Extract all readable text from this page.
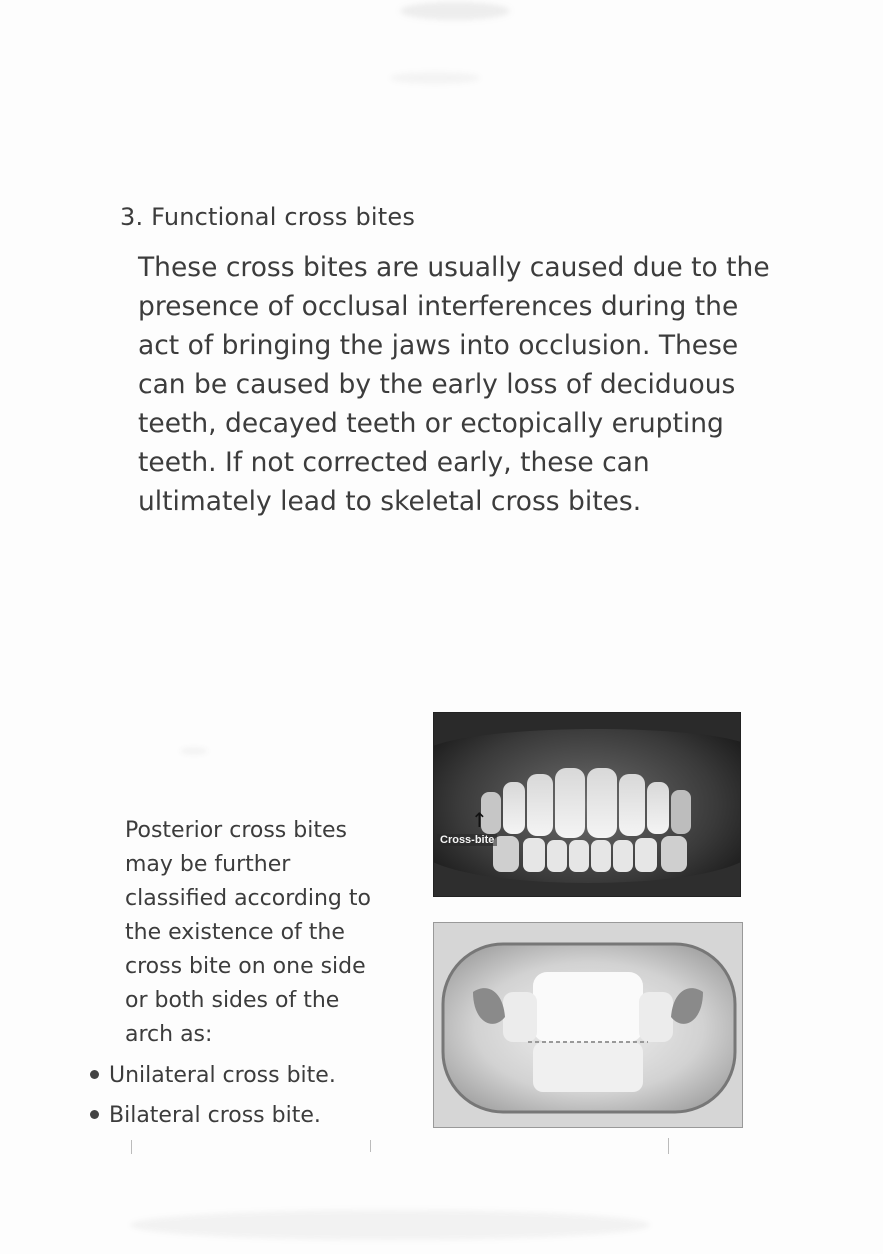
3. Functional cross bites
These cross bites are usually caused due to the
presence of occlusal interferences during the
act of bringing the jaws into occlusion. These
can be caused by the early loss of deciduous
teeth, decayed teeth or ectopically erupting
teeth. If not corrected early, these can
ultimately lead to skeletal cross bites.
Posterior cross bites
may be further
classified according to
the existence of the
cross bite on one side
or both sides of the
arch as:
Unilateral cross bite.
Bilateral cross bite.
↑
Cross-bite
